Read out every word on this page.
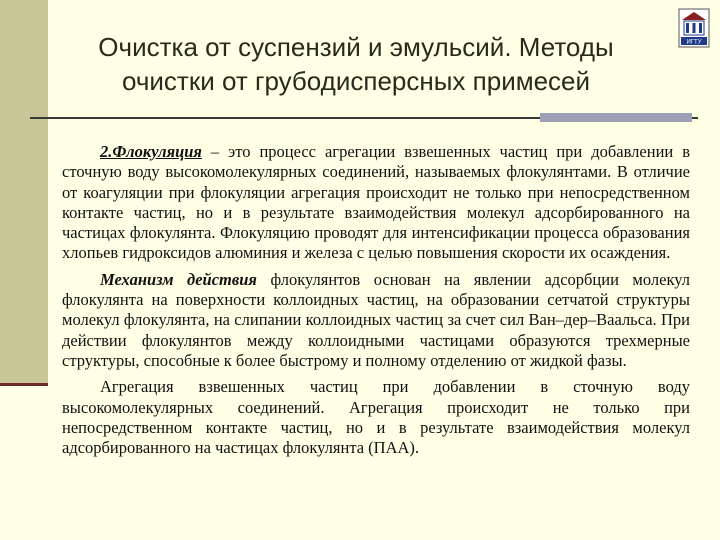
ИГТУ
Очистка от суспензий и эмульсий. Методы
очистки от грубодисперсных примесей

2.Флокуляция – это процесс агрегации взвешенных частиц при добавлении в сточную воду высокомолекулярных соединений, называемых флокулянтами. В отличие от коагуляции при флокуляции агрегация происходит не только при непосредственном контакте частиц, но и в результате взаимодействия молекул адсорбированного на частицах флокулянта. Флокуляцию проводят для интенсификации процесса образования хлопьев гидроксидов алюминия и железа с целью повышения скорости их осаждения.

Механизм действия флокулянтов основан на явлении адсорбции молекул флокулянта на поверхности коллоидных частиц, на образовании сетчатой структуры молекул флокулянта, на слипании коллоидных частиц за счет сил Ван–дер–Ваальса. При действии флокулянтов между коллоидными частицами образуются трехмерные структуры, способные к более быстрому и полному отделению от жидкой фазы.

Агрегация взвешенных частиц при добавлении в сточную воду высокомолекулярных соединений. Агрегация происходит не только при непосредственном контакте частиц, но и в результате взаимодействия молекул адсорбированного на частицах флокулянта (ПАА).
